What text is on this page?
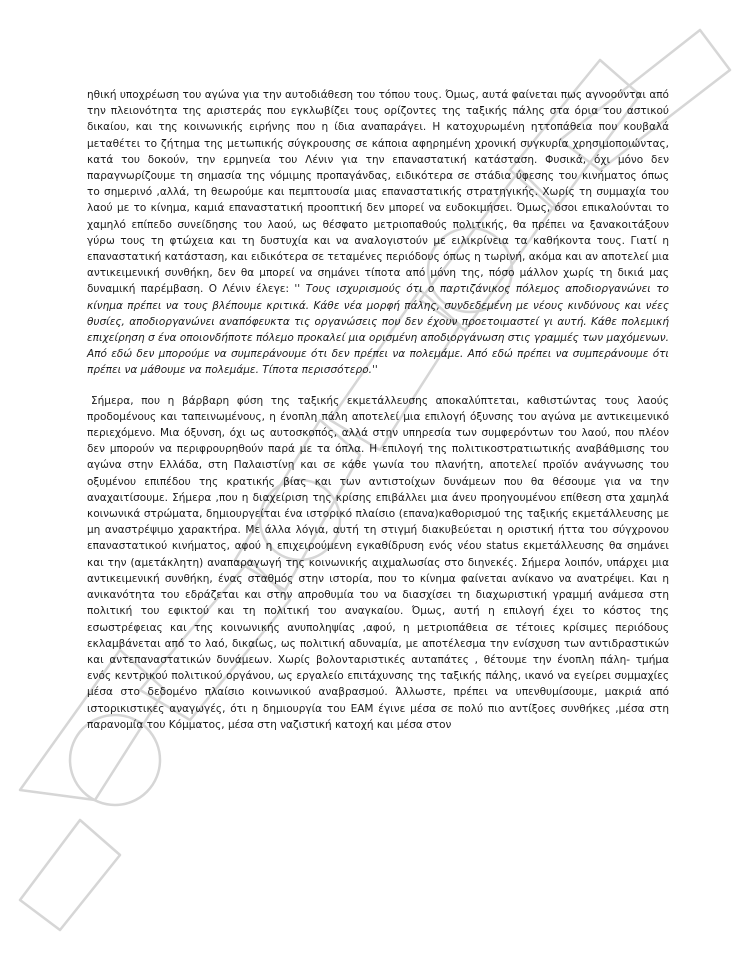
ηθική υποχρέωση του αγώνα για την αυτοδιάθεση του τόπου τους. Όμως, αυτά φαίνεται πως αγνοούνται από την πλειονότητα της αριστεράς που εγκλωβίζει τους ορίζοντες της ταξικής πάλης στα όρια του αστικού δικαίου, και της κοινωνικής ειρήνης που η ίδια αναπαράγει. Η κατοχυρωμένη ηττοπάθεια που κουβαλά μεταθέτει το ζήτημα της μετωπικής σύγκρουσης σε κάποια αφηρημένη χρονική συγκυρία χρησιμοποιώντας, κατά του δοκούν, την ερμηνεία του Λένιν για την επαναστατική κατάσταση. Φυσικά, όχι μόνο δεν παραγνωρίζουμε τη σημασία της νόμιμης προπαγάνδας, ειδικότερα σε στάδια ύφεσης του κινήματος όπως το σημερινό ,αλλά, τη θεωρούμε και πεμπτουσία μιας επαναστατικής στρατηγικής. Χωρίς τη συμμαχία του λαού με το κίνημα, καμιά επαναστατική προοπτική δεν μπορεί να ευδοκιμήσει. Όμως, όσοι επικαλούνται το χαμηλό επίπεδο συνείδησης του λαού, ως θέσφατο μετριοπαθούς πολιτικής, θα πρέπει να ξανακοιτάξουν γύρω τους τη φτώχεια και τη δυστυχία και να αναλογιστούν με ειλικρίνεια τα καθήκοντα τους. Γιατί η επαναστατική κατάσταση, και ειδικότερα σε τεταμένες περιόδους όπως η τωρινή, ακόμα και αν αποτελεί μια αντικειμενική συνθήκη, δεν θα μπορεί να σημάνει τίποτα από μόνη της, πόσο μάλλον χωρίς τη δικιά μας δυναμική παρέμβαση. Ο Λένιν έλεγε: '' Τους ισχυρισμούς ότι ο παρτιζάνικος πόλεμος αποδιοργανώνει το κίνημα πρέπει να τους βλέπουμε κριτικά. Κάθε νέα μορφή πάλης, συνδεδεμένη με νέους κινδύνους και νέες θυσίες, αποδιοργανώνει αναπόφευκτα τις οργανώσεις που δεν έχουν προετοιμαστεί γι αυτή. Κάθε πολεμική επιχείρηση σ ένα οποιονδήποτε πόλεμο προκαλεί μια ορισμένη αποδιοργάνωση στις γραμμές των μαχόμενων. Από εδώ δεν μπορούμε να συμπεράνουμε ότι δεν πρέπει να πολεμάμε. Από εδώ πρέπει να συμπεράνουμε ότι πρέπει να μάθουμε να πολεμάμε. Τίποτα περισσότερο.''

Σήμερα, που η βάρβαρη φύση της ταξικής εκμετάλλευσης αποκαλύπτεται, καθιστώντας τους λαούς προδομένους και ταπεινωμένους, η ένοπλη πάλη αποτελεί μια επιλογή όξυνσης του αγώνα με αντικειμενικό περιεχόμενο. Μια όξυνση, όχι ως αυτοσκοπός, αλλά στην υπηρεσία των συμφερόντων του λαού, που πλέον δεν μπορούν να περιφρουρηθούν παρά με τα όπλα. Η επιλογή της πολιτικοστρατιωτικής αναβάθμισης του αγώνα στην Ελλάδα, στη Παλαιστίνη και σε κάθε γωνία του πλανήτη, αποτελεί προϊόν ανάγνωσης του οξυμένου επιπέδου της κρατικής βίας και των αντιστοίχων δυνάμεων που θα θέσουμε για να την αναχαιτίσουμε. Σήμερα ,που η διαχείριση της κρίσης επιβάλλει μια άνευ προηγουμένου επίθεση στα χαμηλά κοινωνικά στρώματα, δημιουργείται ένα ιστορικό πλαίσιο (επανα)καθορισμού της ταξικής εκμετάλλευσης με μη αναστρέψιμο χαρακτήρα. Με άλλα λόγια, αυτή τη στιγμή διακυβεύεται η οριστική ήττα του σύγχρονου επαναστατικού κινήματος, αφού η επιχειρούμενη εγκαθίδρυση ενός νέου status εκμετάλλευσης θα σημάνει και την (αμετάκλητη) αναπαραγωγή της κοινωνικής αιχμαλωσίας στο διηνεκές. Σήμερα λοιπόν, υπάρχει μια αντικειμενική συνθήκη, ένας σταθμός στην ιστορία, που το κίνημα φαίνεται ανίκανο να ανατρέψει. Και η ανικανότητα του εδράζεται και στην απροθυμία του να διασχίσει τη διαχωριστική γραμμή ανάμεσα στη πολιτική του εφικτού και τη πολιτική του αναγκαίου. Όμως, αυτή η επιλογή έχει το κόστος της εσωστρέφειας και της κοινωνικής ανυποληψίας ,αφού, η μετριοπάθεια σε τέτοιες κρίσιμες περιόδους εκλαμβάνεται από το λαό, δικαίως, ως πολιτική αδυναμία, με αποτέλεσμα την ενίσχυση των αντιδραστικών και αντεπαναστατικών δυνάμεων. Χωρίς βολονταριστικές αυταπάτες , θέτουμε την ένοπλη πάλη- τμήμα ενός κεντρικού πολιτικού οργάνου, ως εργαλείο επιτάχυνσης της ταξικής πάλης, ικανό να εγείρει συμμαχίες μέσα στο δεδομένο πλαίσιο κοινωνικού αναβρασμού. Άλλωστε, πρέπει να υπενθυμίσουμε, μακριά από ιστορικιστικες αναγωγές, ότι η δημιουργία του ΕΑΜ έγινε μέσα σε πολύ πιο αντίξοες συνθήκες ,μέσα στη παρανομία του Κόμματος, μέσα στη ναζιστική κατοχή και μέσα στον
